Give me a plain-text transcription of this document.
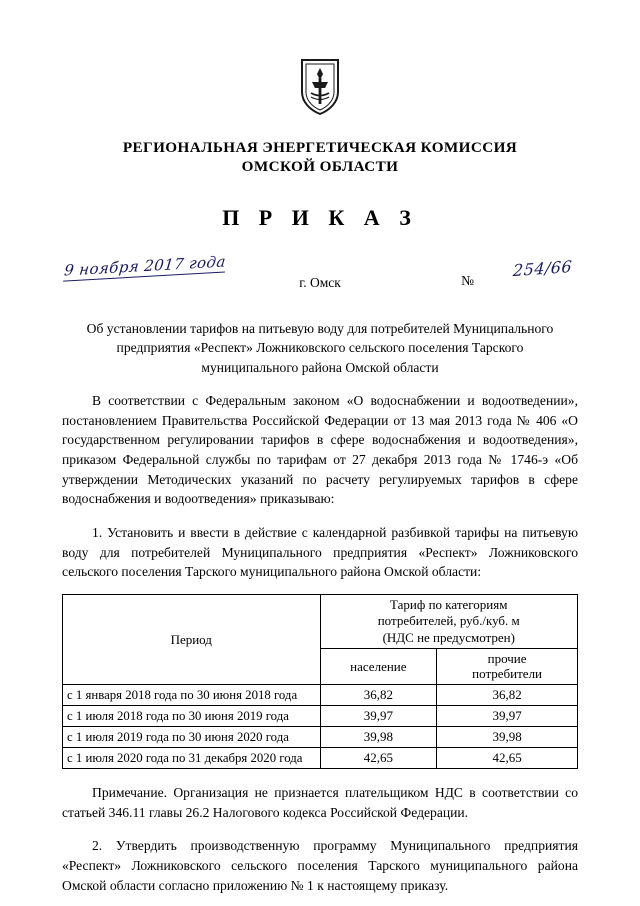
РЕГИОНАЛЬНАЯ ЭНЕРГЕТИЧЕСКАЯ КОМИССИЯ
ОМСКОЙ ОБЛАСТИ
П Р И К А З
9 ноября 2017 года
г. Омск	№
254/66
Об установлении тарифов на питьевую воду для потребителей Муниципального предприятия «Респект» Ложниковского сельского поселения Тарского муниципального района Омской области
В соответствии с Федеральным законом «О водоснабжении и водоотведении», постановлением Правительства Российской Федерации от 13 мая 2013 года № 406 «О государственном регулировании тарифов в сфере водоснабжения и водоотведения», приказом Федеральной службы по тарифам от 27 декабря 2013 года № 1746-э «Об утверждении Методических указаний по расчету регулируемых тарифов в сфере водоснабжения и водоотведения» приказываю:
1. Установить и ввести в действие с календарной разбивкой тарифы на питьевую воду для потребителей Муниципального предприятия «Респект» Ложниковского сельского поселения Тарского муниципального района Омской области:
Период	Тариф по категориям
потребителей, руб./куб. м
(НДС не предусмотрен)	

	население	прочие
потребители

с 1 января 2018 года по 30 июня 2018 года	36,82	36,82
с 1 июля 2018 года по 30 июня 2019 года	39,97	39,97
с 1 июля 2019 года по 30 июня 2020 года	39,98	39,98
с 1 июля 2020 года по 31 декабря 2020 года	42,65	42,65
Примечание. Организация не признается плательщиком НДС в соответствии со статьей 346.11 главы 26.2 Налогового кодекса Российской Федерации.
2. Утвердить производственную программу Муниципального предприятия «Респект» Ложниковского сельского поселения Тарского муниципального района Омской области согласно приложению № 1 к настоящему приказу.
